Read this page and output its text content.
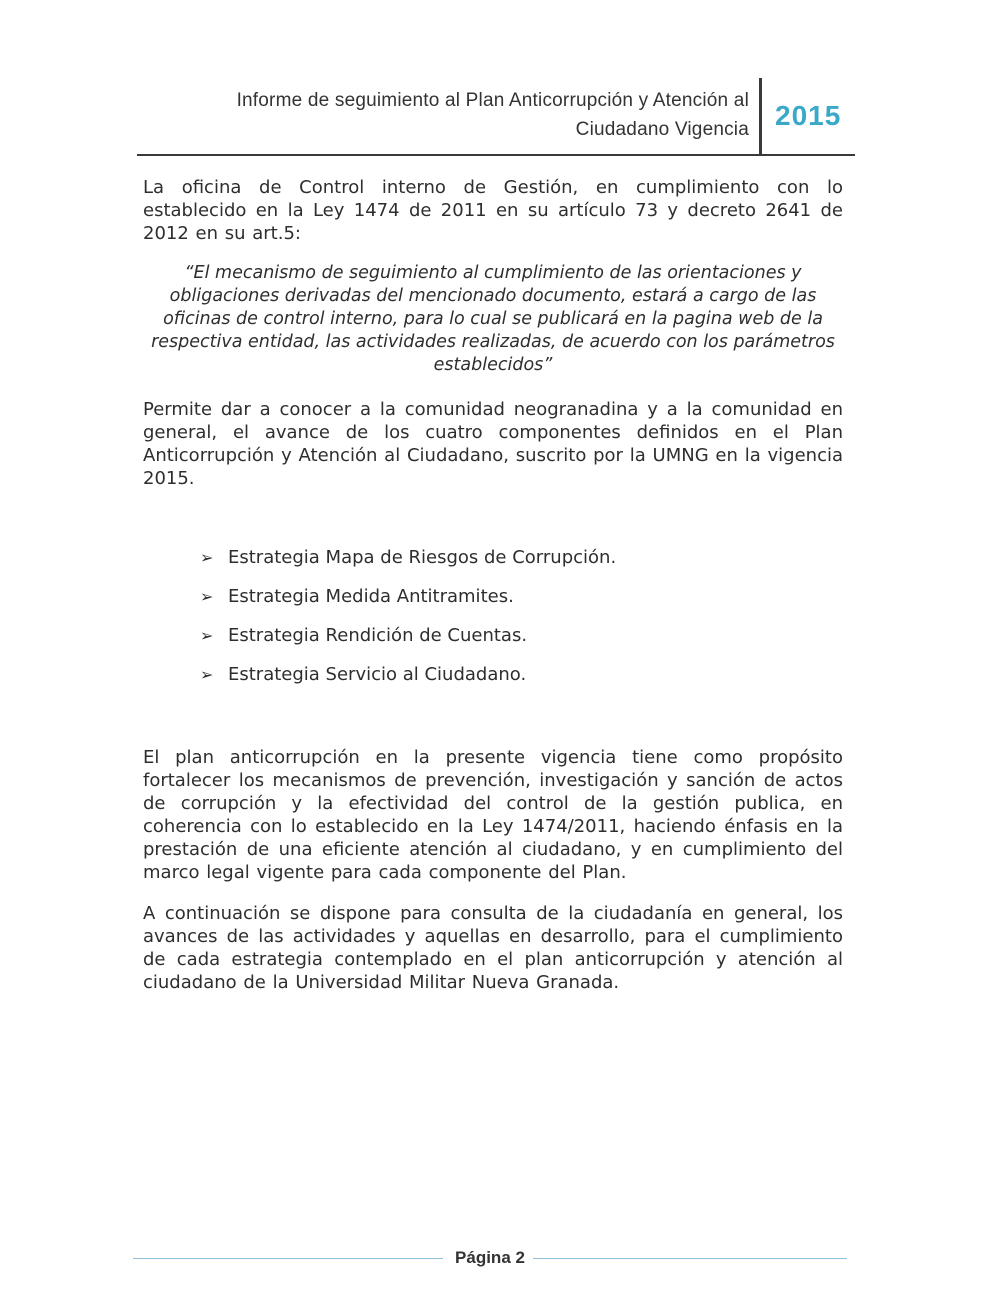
Informe de seguimiento al Plan Anticorrupción y Atención al
Ciudadano Vigencia 2015
La oficina de Control interno de Gestión, en cumplimiento con lo establecido en la Ley 1474 de 2011 en su artículo 73 y decreto 2641 de 2012 en su art.5:
“El mecanismo de seguimiento al cumplimiento de las orientaciones y obligaciones derivadas del mencionado documento, estará a cargo de las oficinas de control interno, para lo cual se publicará en la pagina web de la respectiva entidad, las actividades realizadas, de acuerdo con los parámetros establecidos”
Permite dar a conocer a la comunidad neogranadina y a la comunidad en general, el avance de los cuatro componentes definidos en el Plan Anticorrupción y Atención al Ciudadano, suscrito por la UMNG en la vigencia 2015.
➢ Estrategia Mapa de Riesgos de Corrupción.
➢ Estrategia Medida Antitramites.
➢ Estrategia Rendición de Cuentas.
➢ Estrategia Servicio al Ciudadano.
El plan anticorrupción en la presente vigencia tiene como propósito fortalecer los mecanismos de prevención, investigación y sanción de actos de corrupción y la efectividad del control de la gestión publica, en coherencia con lo establecido en la Ley 1474/2011, haciendo énfasis en la prestación de una eficiente atención al ciudadano, y en cumplimiento del marco legal vigente para cada componente del Plan.
A continuación se dispone para consulta de la ciudadanía en general, los avances de las actividades y aquellas en desarrollo, para el cumplimiento de cada estrategia contemplado en el plan anticorrupción y atención al ciudadano de la Universidad Militar Nueva Granada.
Página 2
